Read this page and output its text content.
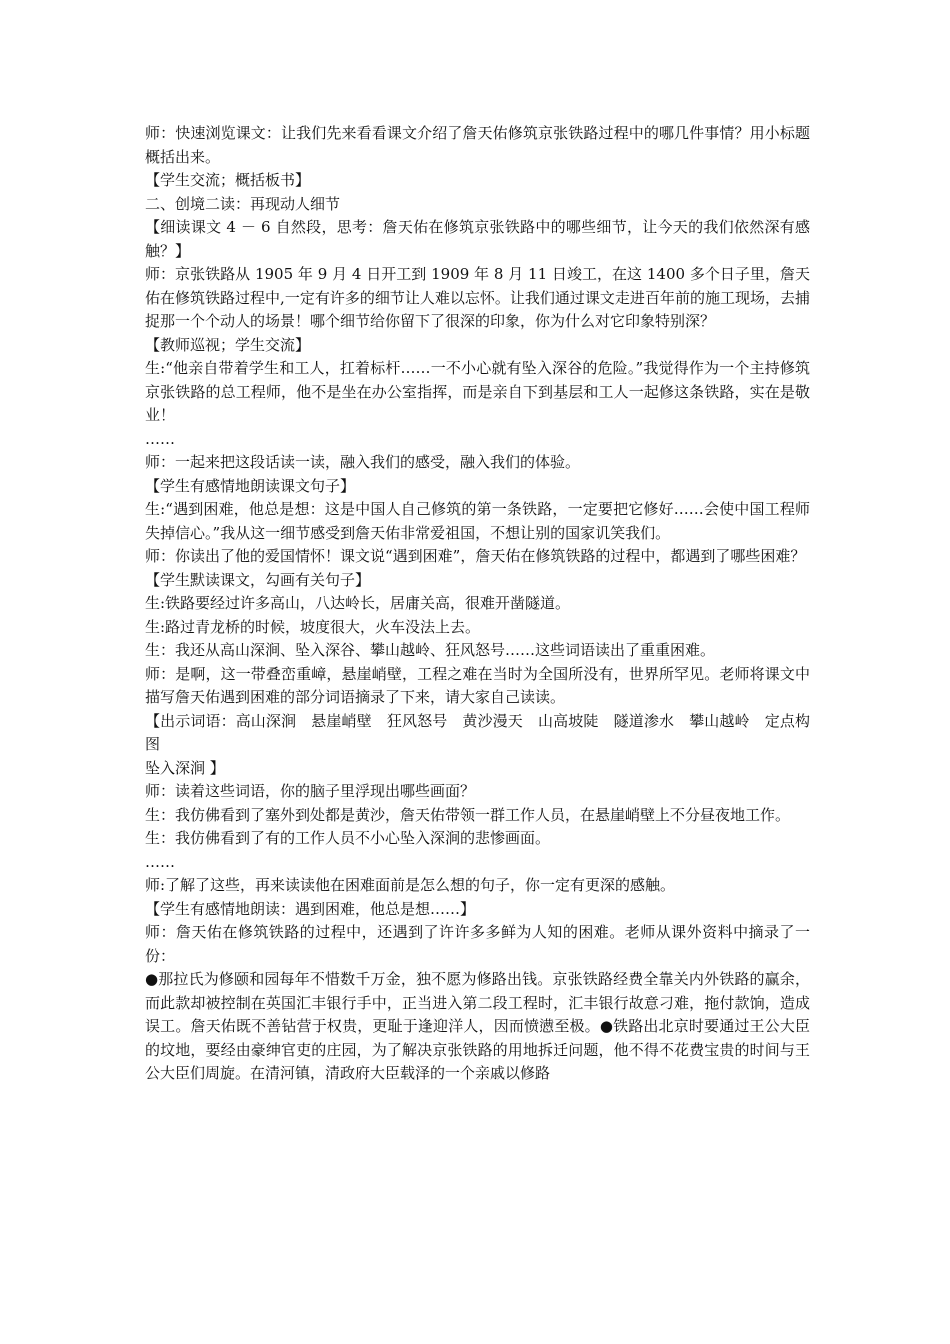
师：快速浏览课文：让我们先来看看课文介绍了詹天佑修筑京张铁路过程中的哪几件事情？用小标题概括出来。

【学生交流；概括板书】

二、创境二读：再现动人细节

【细读课文 4 － 6 自然段，思考：詹天佑在修筑京张铁路中的哪些细节，让今天的我们依然深有感触？】

师：京张铁路从 1905 年 9 月 4 日开工到 1909 年 8 月 11 日竣工，在这 1400 多个日子里，詹天佑在修筑铁路过程中,一定有许多的细节让人难以忘怀。让我们通过课文走进百年前的施工现场，去捕捉那一个个动人的场景！哪个细节给你留下了很深的印象，你为什么对它印象特别深？

【教师巡视；学生交流】

生:“他亲自带着学生和工人，扛着标杆……一不小心就有坠入深谷的危险。”我觉得作为一个主持修筑京张铁路的总工程师，他不是坐在办公室指挥，而是亲自下到基层和工人一起修这条铁路，实在是敬业！

……

师：一起来把这段话读一读，融入我们的感受，融入我们的体验。

【学生有感情地朗读课文句子】

生:“遇到困难，他总是想：这是中国人自己修筑的第一条铁路，一定要把它修好……会使中国工程师失掉信心。”我从这一细节感受到詹天佑非常爱祖国，不想让别的国家讥笑我们。

师：你读出了他的爱国情怀！课文说“遇到困难”，詹天佑在修筑铁路的过程中，都遇到了哪些困难？

【学生默读课文，勾画有关句子】

生:铁路要经过许多高山，八达岭长，居庸关高，很难开凿隧道。

生:路过青龙桥的时候，坡度很大，火车没法上去。

生：我还从高山深涧、坠入深谷、攀山越岭、狂风怒号……这些词语读出了重重困难。

师：是啊，这一带叠峦重嶂，悬崖峭壁，工程之难在当时为全国所没有，世界所罕见。老师将课文中描写詹天佑遇到困难的部分词语摘录了下来，请大家自己读读。

【出示词语：高山深涧　悬崖峭壁　狂风怒号　黄沙漫天　山高坡陡　隧道渗水　攀山越岭　定点构图

坠入深涧 】

师：读着这些词语，你的脑子里浮现出哪些画面？

生：我仿佛看到了塞外到处都是黄沙，詹天佑带领一群工作人员，在悬崖峭壁上不分昼夜地工作。

生：我仿佛看到了有的工作人员不小心坠入深涧的悲惨画面。

……

师:了解了这些，再来读读他在困难面前是怎么想的句子，你一定有更深的感触。

【学生有感情地朗读：遇到困难，他总是想……】

师：詹天佑在修筑铁路的过程中，还遇到了许许多多鲜为人知的困难。老师从课外资料中摘录了一份：

●那拉氏为修颐和园每年不惜数千万金，独不愿为修路出钱。京张铁路经费全靠关内外铁路的赢余，而此款却被控制在英国汇丰银行手中，正当进入第二段工程时，汇丰银行故意刁难，拖付款饷，造成误工。詹天佑既不善钻营于权贵，更耻于逢迎洋人，因而愤懑至极。●铁路出北京时要通过王公大臣的坟地，要经由豪绅官吏的庄园，为了解决京张铁路的用地拆迁问题，他不得不花费宝贵的时间与王公大臣们周旋。在清河镇，清政府大臣载泽的一个亲戚以修路
